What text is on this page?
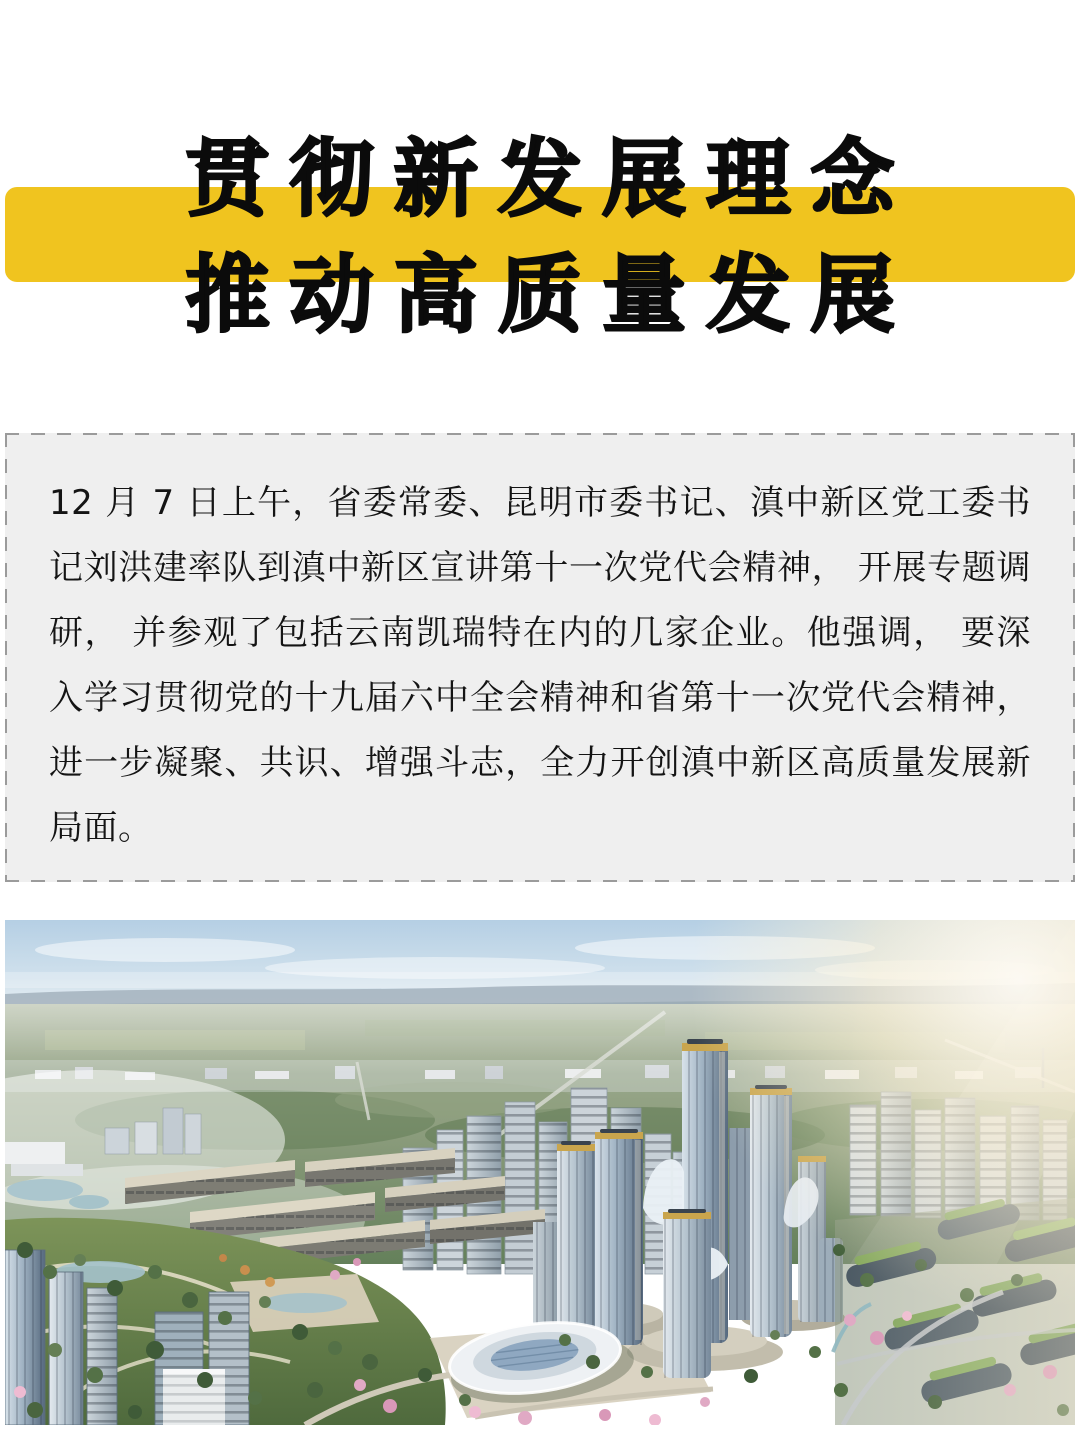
贯彻新发展理念
推动高质量发展

12 月 7 日上午，省委常委、昆明市委书记、滇中新区党工委书记刘洪建率队到滇中新区宣讲第十一次党代会精神， 开展专题调研， 并参观了包括云南凯瑞特在内的几家企业。他强调， 要深入学习贯彻党的十九届六中全会精神和省第十一次党代会精神，进一步凝聚、共识、增强斗志，全力开创滇中新区高质量发展新局面。
